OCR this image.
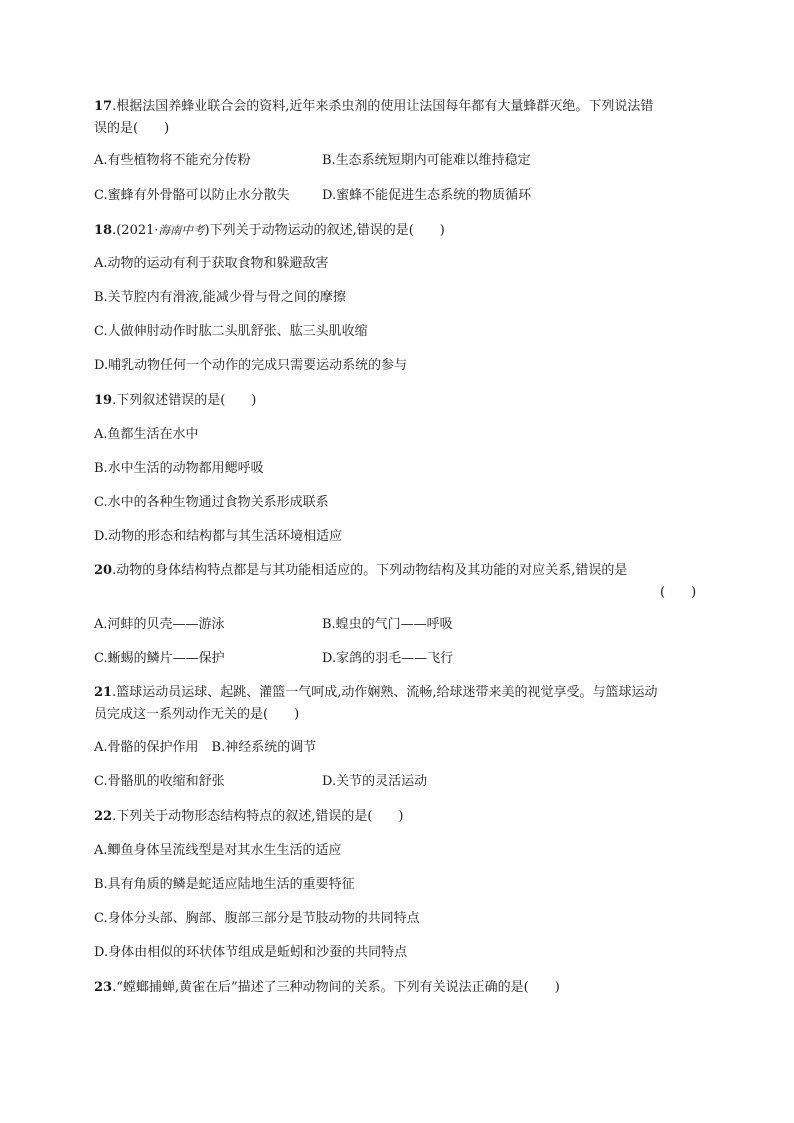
17.根据法国养蜂业联合会的资料,近年来杀虫剂的使用让法国每年都有大量蜂群灭绝。下列说法错
误的是(　　)
A.有些植物将不能充分传粉	B.生态系统短期内可能难以维持稳定
C.蜜蜂有外骨骼可以防止水分散失 D.蜜蜂不能促进生态系统的物质循环
18.(2021·海南中考)下列关于动物运动的叙述,错误的是(　　)
A.动物的运动有利于获取食物和躲避敌害
B.关节腔内有滑液,能减少骨与骨之间的摩擦
C.人做伸肘动作时肱二头肌舒张、肱三头肌收缩
D.哺乳动物任何一个动作的完成只需要运动系统的参与
19.下列叙述错误的是(　　)
A.鱼都生活在水中
B.水中生活的动物都用鳃呼吸
C.水中的各种生物通过食物关系形成联系
D.动物的形态和结构都与其生活环境相适应
20.动物的身体结构特点都是与其功能相适应的。下列动物结构及其功能的对应关系,错误的是
(　　)
A.河蚌的贝壳——游泳	B.蝗虫的气门——呼吸
C.蜥蜴的鳞片——保护	D.家鸽的羽毛——飞行
21.篮球运动员运球、起跳、灌篮一气呵成,动作娴熟、流畅,给球迷带来美的视觉享受。与篮球运动
员完成这一系列动作无关的是(　　)
A.骨骼的保护作用　B.神经系统的调节
C.骨骼肌的收缩和舒张	D.关节的灵活运动
22.下列关于动物形态结构特点的叙述,错误的是(　　)
A.鲫鱼身体呈流线型是对其水生生活的适应
B.具有角质的鳞是蛇适应陆地生活的重要特征
C.身体分头部、胸部、腹部三部分是节肢动物的共同特点
D.身体由相似的环状体节组成是蚯蚓和沙蚕的共同特点
23.“螳螂捕蝉,黄雀在后”描述了三种动物间的关系。下列有关说法正确的是(　　)
